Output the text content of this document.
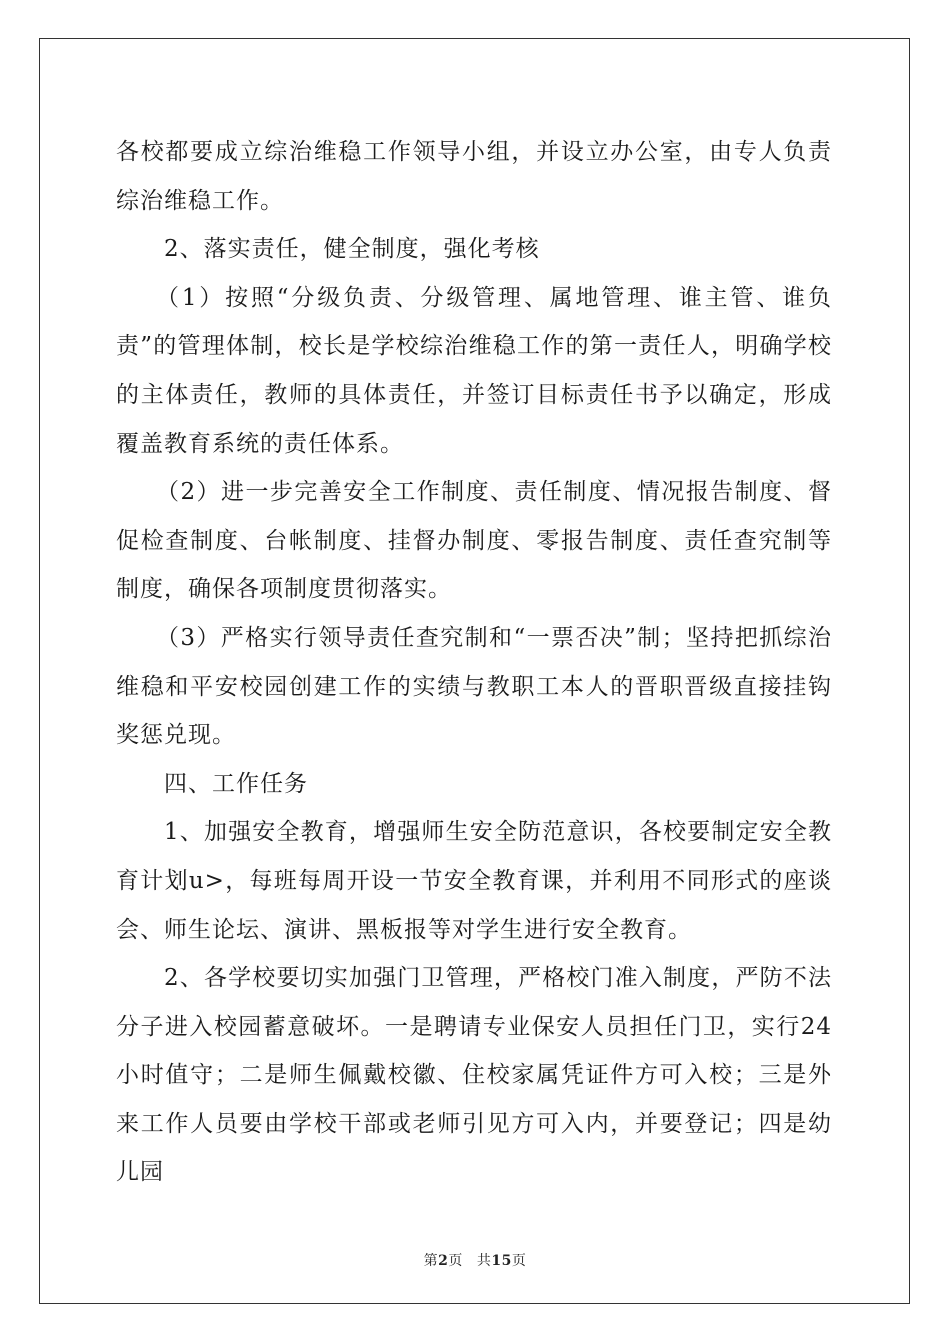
各校都要成立综治维稳工作领导小组，并设立办公室，由专人负责综治维稳工作。

2、落实责任，健全制度，强化考核

（1）按照“分级负责、分级管理、属地管理、谁主管、谁负责”的管理体制，校长是学校综治维稳工作的第一责任人，明确学校的主体责任，教师的具体责任，并签订目标责任书予以确定，形成覆盖教育系统的责任体系。

（2）进一步完善安全工作制度、责任制度、情况报告制度、督促检查制度、台帐制度、挂督办制度、零报告制度、责任查究制等制度，确保各项制度贯彻落实。

（3）严格实行领导责任查究制和“一票否决”制；坚持把抓综治维稳和平安校园创建工作的实绩与教职工本人的晋职晋级直接挂钩奖惩兑现。

四、工作任务

1、加强安全教育，增强师生安全防范意识，各校要制定安全教育计划u>，每班每周开设一节安全教育课，并利用不同形式的座谈会、师生论坛、演讲、黑板报等对学生进行安全教育。

2、各学校要切实加强门卫管理，严格校门准入制度，严防不法分子进入校园蓄意破坏。一是聘请专业保安人员担任门卫，实行24小时值守；二是师生佩戴校徽、住校家属凭证件方可入校；三是外来工作人员要由学校干部或老师引见方可入内，并要登记；四是幼儿园

第2页 共15页
